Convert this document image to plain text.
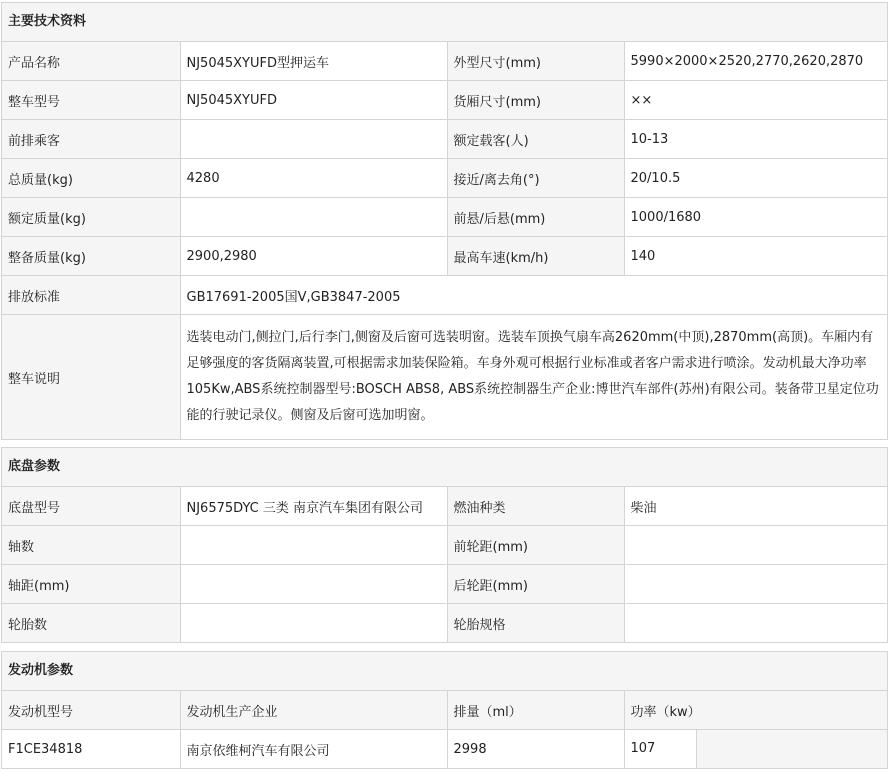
主要技术资料
产品名称	NJ5045XYUFD型押运车	外型尺寸(mm)	5990×2000×2520,2770,2620,2870
整车型号	NJ5045XYUFD	货厢尺寸(mm)	××
前排乘客		额定载客(人)	10-13
总质量(kg)	4280	接近/离去角(°)	20/10.5
额定质量(kg)		前悬/后悬(mm)	1000/1680
整备质量(kg)	2900,2980	最高车速(km/h)	140
排放标准	GB17691-2005国Ⅴ,GB3847-2005		
整车说明	选装电动门,侧拉门,后行李门,侧窗及后窗可选装明窗。选装车顶换气扇车高2620mm(中顶),2870mm(高顶)。车厢内有足够强度的客货隔离装置,可根据需求加装保险箱。车身外观可根据行业标准或者客户需求进行喷涂。发动机最大净功率105Kw,ABS系统控制器型号:BOSCH ABS8, ABS系统控制器生产企业:博世汽车部件(苏州)有限公司。装备带卫星定位功能的行驶记录仪。侧窗及后窗可选加明窗。		
底盘参数
底盘型号	NJ6575DYC 三类 南京汽车集团有限公司	燃油种类	柴油
轴数		前轮距(mm)	
轴距(mm)		后轮距(mm)	
轮胎数		轮胎规格	
发动机参数
发动机型号	发动机生产企业	排量（ml）	功率（kw）
F1CE34818	南京依维柯汽车有限公司	2998	107
